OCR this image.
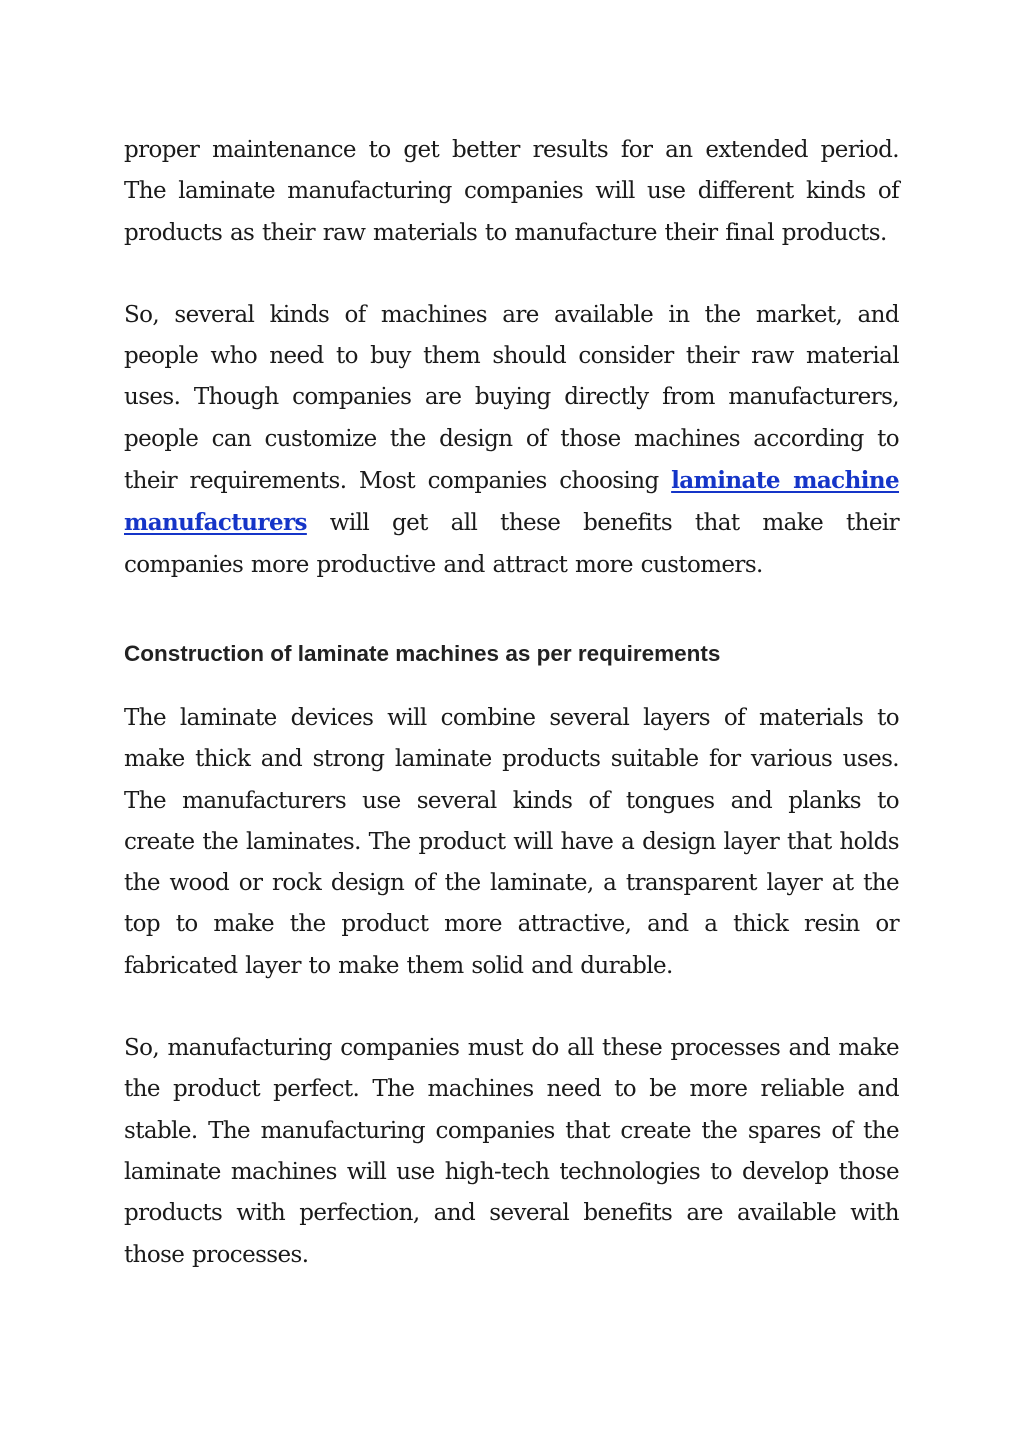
proper maintenance to get better results for an extended period. The laminate manufacturing companies will use different kinds of products as their raw materials to manufacture their final products.

So, several kinds of machines are available in the market, and people who need to buy them should consider their raw material uses. Though companies are buying directly from manufacturers, people can customize the design of those machines according to their requirements. Most companies choosing laminate machine manufacturers will get all these benefits that make their companies more productive and attract more customers.

Construction of laminate machines as per requirements

The laminate devices will combine several layers of materials to make thick and strong laminate products suitable for various uses. The manufacturers use several kinds of tongues and planks to create the laminates. The product will have a design layer that holds the wood or rock design of the laminate, a transparent layer at the top to make the product more attractive, and a thick resin or fabricated layer to make them solid and durable.

So, manufacturing companies must do all these processes and make the product perfect. The machines need to be more reliable and stable. The manufacturing companies that create the spares of the laminate machines will use high-tech technologies to develop those products with perfection, and several benefits are available with those processes.
